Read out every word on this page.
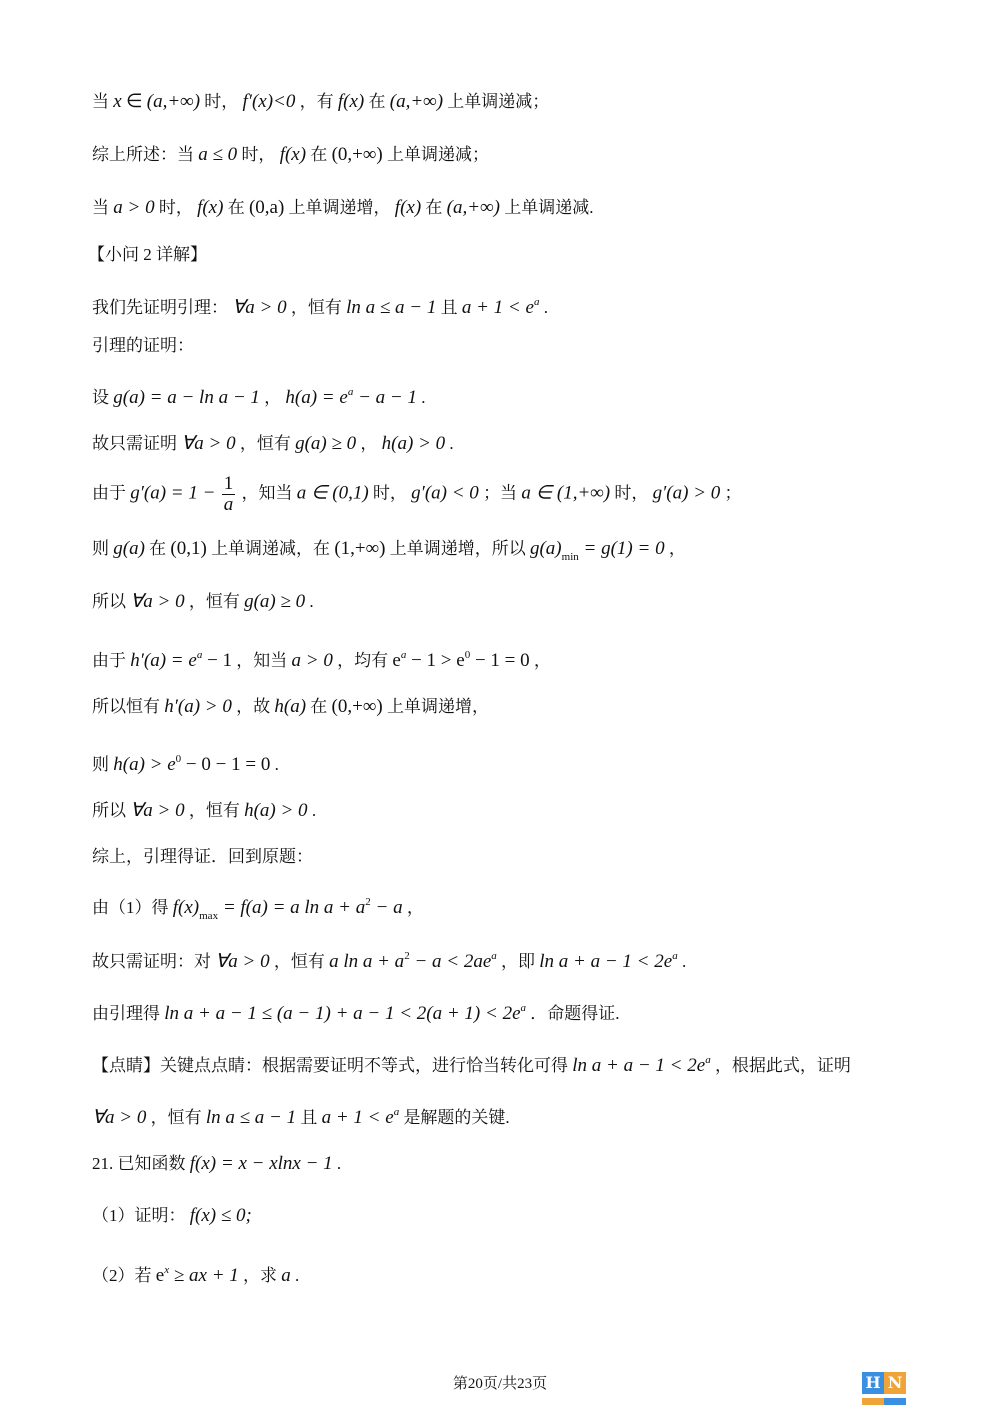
当 x ∈ (a,+∞) 时， f′(x)<0 ，有 f(x) 在 (a,+∞) 上单调递减；
综上所述：当 a ≤ 0 时， f(x) 在 (0,+∞) 上单调递减；
当 a > 0 时， f(x) 在 (0,a) 上单调递增， f(x) 在 (a,+∞) 上单调递减.
【小问 2 详解】
我们先证明引理： ∀a > 0 ，恒有 ln a ≤ a − 1 且 $a + 1 < e^a$ .
引理的证明：
设 g(a) = a − ln a − 1 ， $h(a) = e^a - a - 1$ .
故只需证明 ∀a > 0 ，恒有 g(a) ≥ 0 ， h(a) > 0 .
由于 $g'(a) = 1 - \frac{1}{a}$ ，知当 a ∈ (0,1) 时， g′(a) < 0 ；当 a ∈ (1,+∞) 时， g′(a) > 0 ；
则 g(a) 在 (0,1) 上单调递减，在 (1,+∞) 上单调递增，所以 $g(a)_{min} = g(1) = 0$ ，
所以 ∀a > 0 ，恒有 g(a) ≥ 0 .
由于 $h'(a) = e^a - 1$ ，知当 a > 0 ，均有 $e^a - 1 > e^0 - 1 = 0$ ，
所以恒有 h′(a) > 0 ，故 h(a) 在 (0,+∞) 上单调递增，
则 $h(a) > e^0 - 0 - 1 = 0$ .
所以 ∀a > 0 ，恒有 h(a) > 0 .
综上，引理得证．回到原题：
由（1）得 $f(x)_{max} = f(a) = a$ $\ln a + a^2 - a$ ，
故只需证明：对 ∀a > 0 ，恒有 a $\ln a + a^2 - a < 2ae^a$ ，即 $\ln a + a - 1 < 2e^a$ .
由引理得 $\ln a + a - 1 \le (a - 1) + a - 1 < 2(a + 1) < 2e^a$ ．命题得证.
【点睛】关键点点睛：根据需要证明不等式，进行恰当转化可得 $\ln a + a - 1 < 2e^a$ ，根据此式，证明
∀a > 0 ，恒有 ln a ≤ a − 1 且 $a + 1 < e^a$ 是解题的关键.
21. 已知函数 f(x) = x − xlnx − 1 .
（1）证明： f(x) ≤ 0;
（2）若 $e^x$ ≥ ax + 1 ，求 a .
第20页/共23页	H N
